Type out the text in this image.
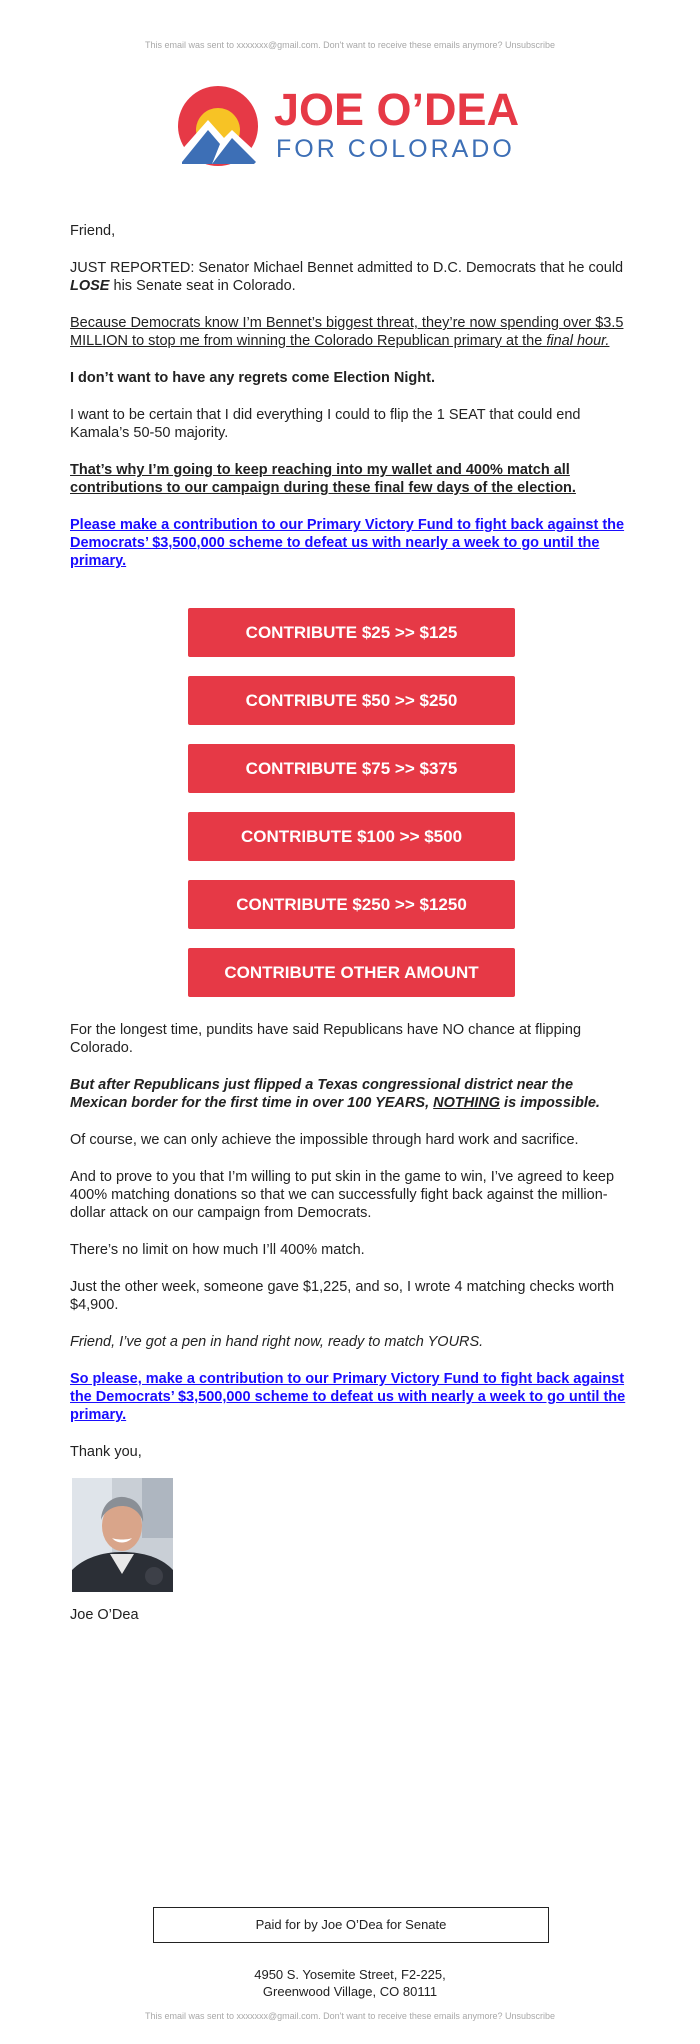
This email was sent to xxxxxxx@gmail.com. Don't want to receive these emails anymore? Unsubscribe
JOE O’DEA
FOR COLORADO

Friend,

JUST REPORTED: Senator Michael Bennet admitted to D.C. Democrats that he could LOSE his Senate seat in Colorado.

Because Democrats know I’m Bennet’s biggest threat, they’re now spending over $3.5 MILLION to stop me from winning the Colorado Republican primary at the final hour.

I don’t want to have any regrets come Election Night.

I want to be certain that I did everything I could to flip the 1 SEAT that could end Kamala’s 50-50 majority.

That’s why I’m going to keep reaching into my wallet and 400% match all contributions to our campaign during these final few days of the election.

Please make a contribution to our Primary Victory Fund to fight back against the Democrats’ $3,500,000 scheme to defeat us with nearly a week to go until the primary.

CONTRIBUTE $25 >> $125
CONTRIBUTE $50 >> $250
CONTRIBUTE $75 >> $375
CONTRIBUTE $100 >> $500
CONTRIBUTE $250 >> $1250
CONTRIBUTE OTHER AMOUNT

For the longest time, pundits have said Republicans have NO chance at flipping Colorado.

But after Republicans just flipped a Texas congressional district near the Mexican border for the first time in over 100 YEARS, NOTHING is impossible.

Of course, we can only achieve the impossible through hard work and sacrifice.

And to prove to you that I’m willing to put skin in the game to win, I’ve agreed to keep 400% matching donations so that we can successfully fight back against the million-dollar attack on our campaign from Democrats.

There’s no limit on how much I’ll 400% match.

Just the other week, someone gave $1,225, and so, I wrote 4 matching checks worth $4,900.

Friend, I’ve got a pen in hand right now, ready to match YOURS.

So please, make a contribution to our Primary Victory Fund to fight back against the Democrats’ $3,500,000 scheme to defeat us with nearly a week to go until the primary.

Thank you,

Joe O’Dea

Paid for by Joe O’Dea for Senate
4950 S. Yosemite Street, F2-225,
Greenwood Village, CO 80111
This email was sent to xxxxxxx@gmail.com. Don't want to receive these emails anymore? Unsubscribe
